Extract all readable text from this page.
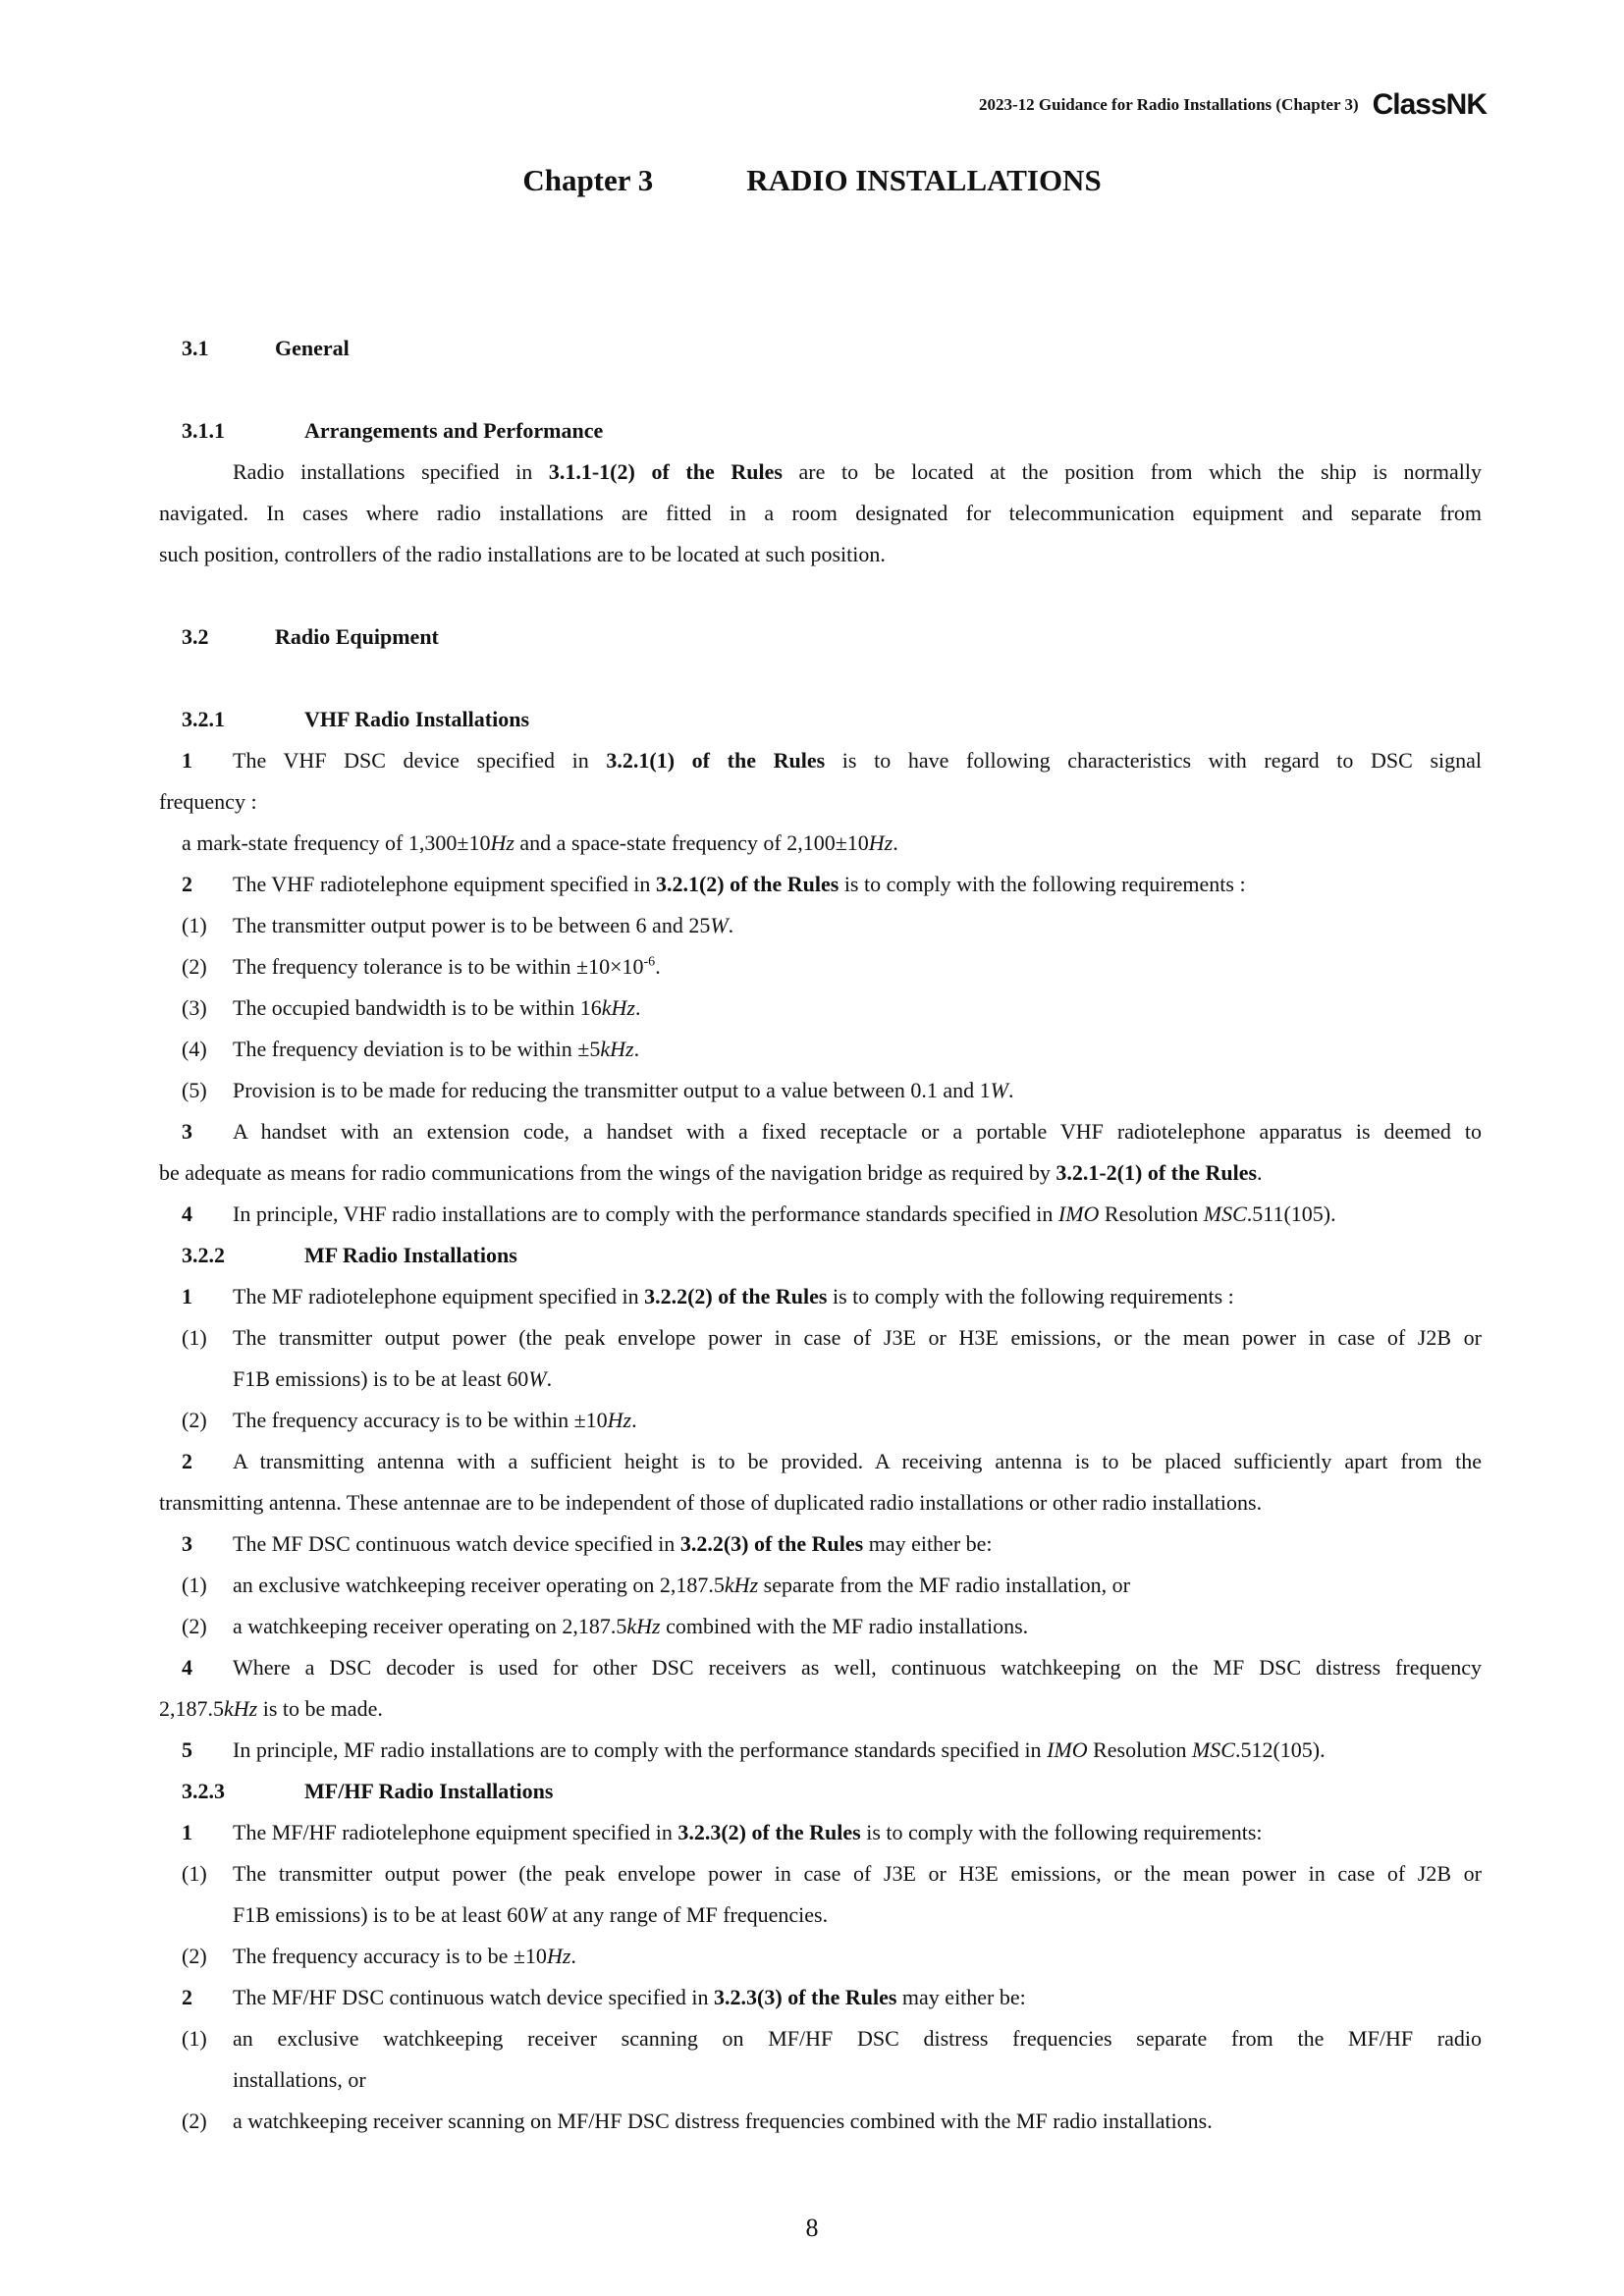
2023-12 Guidance for Radio Installations (Chapter 3) ClassNK
Chapter 3	RADIO INSTALLATIONS
3.1	General
3.1.1	Arrangements and Performance
Radio installations specified in 3.1.1-1(2) of the Rules are to be located at the position from which the ship is normally
navigated. In cases where radio installations are fitted in a room designated for telecommunication equipment and separate from
such position, controllers of the radio installations are to be located at such position.
3.2	Radio Equipment
3.2.1	VHF Radio Installations
1 The VHF DSC device specified in 3.2.1(1) of the Rules is to have following characteristics with regard to DSC signal
frequency :
a mark-state frequency of 1,300±10Hz and a space-state frequency of 2,100±10Hz.
2 The VHF radiotelephone equipment specified in 3.2.1(2) of the Rules is to comply with the following requirements :
(1) The transmitter output power is to be between 6 and 25W.
(2) The frequency tolerance is to be within $\pm 10\times 10^{-6}$.
(3) The occupied bandwidth is to be within 16kHz.
(4) The frequency deviation is to be within ±5kHz.
(5) Provision is to be made for reducing the transmitter output to a value between 0.1 and 1W.
3 A handset with an extension code, a handset with a fixed receptacle or a portable VHF radiotelephone apparatus is deemed to
be adequate as means for radio communications from the wings of the navigation bridge as required by 3.2.1-2(1) of the Rules.
4 In principle, VHF radio installations are to comply with the performance standards specified in IMO Resolution MSC.511(105).
3.2.2	MF Radio Installations
1 The MF radiotelephone equipment specified in 3.2.2(2) of the Rules is to comply with the following requirements :
(1) The transmitter output power (the peak envelope power in case of J3E or H3E emissions, or the mean power in case of J2B or
F1B emissions) is to be at least 60W.
(2) The frequency accuracy is to be within ±10Hz.
2 A transmitting antenna with a sufficient height is to be provided. A receiving antenna is to be placed sufficiently apart from the
transmitting antenna. These antennae are to be independent of those of duplicated radio installations or other radio installations.
3 The MF DSC continuous watch device specified in 3.2.2(3) of the Rules may either be:
(1) an exclusive watchkeeping receiver operating on 2,187.5kHz separate from the MF radio installation, or
(2) a watchkeeping receiver operating on 2,187.5kHz combined with the MF radio installations.
4 Where a DSC decoder is used for other DSC receivers as well, continuous watchkeeping on the MF DSC distress frequency
2,187.5kHz is to be made.
5 In principle, MF radio installations are to comply with the performance standards specified in IMO Resolution MSC.512(105).
3.2.3	MF/HF Radio Installations
1 The MF/HF radiotelephone equipment specified in 3.2.3(2) of the Rules is to comply with the following requirements:
(1) The transmitter output power (the peak envelope power in case of J3E or H3E emissions, or the mean power in case of J2B or
F1B emissions) is to be at least 60W at any range of MF frequencies.
(2) The frequency accuracy is to be ±10Hz.
2 The MF/HF DSC continuous watch device specified in 3.2.3(3) of the Rules may either be:
(1) an exclusive watchkeeping receiver scanning on MF/HF DSC distress frequencies separate from the MF/HF radio
installations, or
(2) a watchkeeping receiver scanning on MF/HF DSC distress frequencies combined with the MF radio installations.
8
